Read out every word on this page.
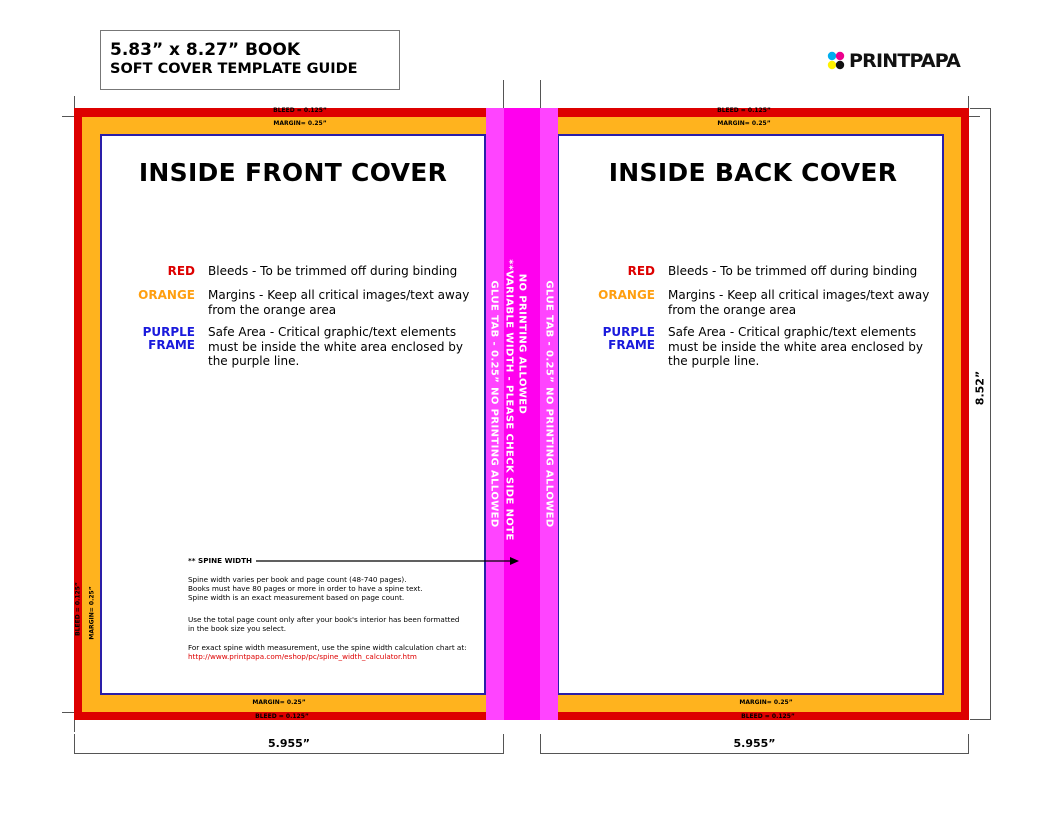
5.83” x 8.27” BOOK
SOFT COVER TEMPLATE GUIDE	PRINTPAPA
GLUE TAB - 0.25” NO PRINTING ALLOWED	GLUE TAB - 0.25” NO PRINTING ALLOWED
NO PRINTING ALLOWED
**VARIABLE WIDTH - PLEASE CHECK SIDE NOTE
BLEED = 0.125”
MARGIN= 0.25”
BLEED = 0.125”
MARGIN= 0.25”
MARGIN= 0.25”
BLEED = 0.125”
MARGIN= 0.25”
BLEED = 0.125”
BLEED = 0.125” MARGIN= 0.25”
INSIDE FRONT COVER	INSIDE BACK COVER
RED Bleeds - To be trimmed off during binding
ORANGE Margins - Keep all critical images/text away from the orange area
PURPLE FRAME
Safe Area - Critical graphic/text elements must be inside the white area enclosed by the purple line.
RED Bleeds - To be trimmed off during binding
ORANGE Margins - Keep all critical images/text away from the orange area
PURPLE FRAME
Safe Area - Critical graphic/text elements must be inside the white area enclosed by the purple line.
** SPINE WIDTH
Spine width varies per book and page count (48-740 pages).
Books must have 80 pages or more in order to have a spine text.
Spine width is an exact measurement based on page count.
Use the total page count only after your book's interior has been formatted
in the book size you select.
For exact spine width measurement, use the spine width calculation chart at:
http://www.printpapa.com/eshop/pc/spine_width_calculator.htm
5.955”	5.955”
8.52”
